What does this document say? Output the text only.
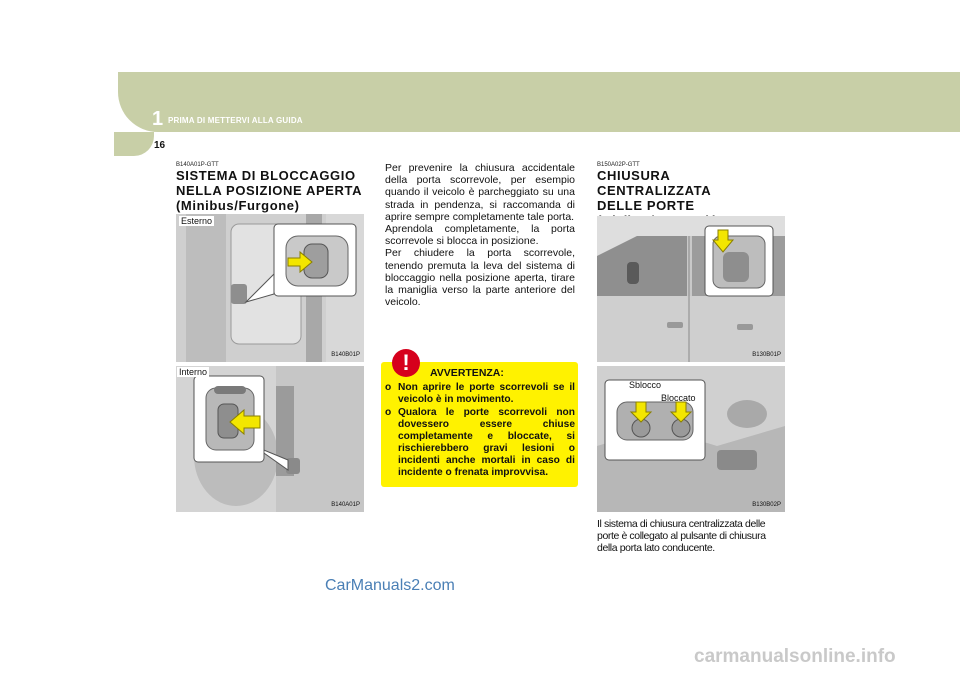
1 PRIMA DI METTERVI ALLA GUIDA
16
B140A01P-GTT
SISTEMA DI BLOCCAGGIO
NELLA POSIZIONE APERTA
(Minibus/Furgone)
Esterno
B140B01P
Interno
B140A01P

Per prevenire la chiusura accidentale della porta scorrevole, per esempio quando il veicolo è parcheggiato su una strada in pendenza, si raccomanda di aprire sempre completamente tale porta.

Aprendola completamente, la porta scorrevole si blocca in posizione.

Per chiudere la porta scorrevole, tenendo premuta la leva del sistema di bloccaggio nella posizione aperta, tirare la maniglia verso la parte anteriore del veicolo.

!	AVVERTENZA:
o Non aprire le porte scorrevoli se il veicolo è in movimento.
o Qualora le porte scorrevoli non dovessero essere chiuse completamente e bloccate, si rischierebbero gravi lesioni o incidenti anche mortali in caso di incidente o frenata improvvisa.
B150A02P-GTT
CHIUSURA CENTRALIZZATA
DELLE PORTE
B130B01P
Sblocco
Bloccato
B130B02P
Il sistema di chiusura centralizzata delle porte è collegato al pulsante di chiusura della porta lato conducente.
CarManuals2.com
carmanualsonline.info
